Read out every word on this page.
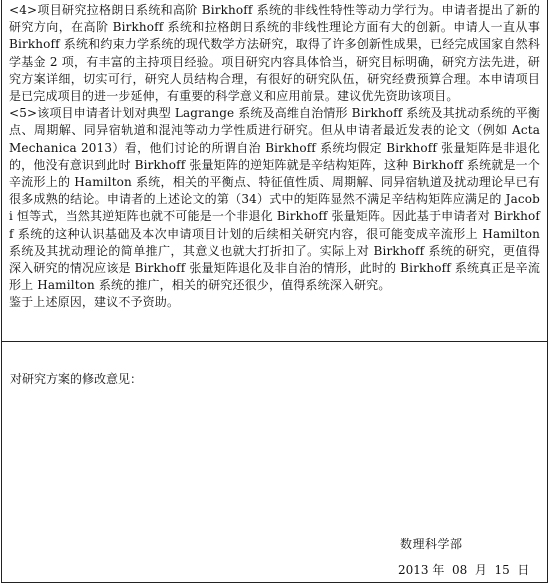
<4>项目研究拉格朗日系统和高阶 Birkhoff 系统的非线性特性等动力学行为。申请者提出了新的研究方向，在高阶 Birkhoff 系统和拉格朗日系统的非线性理论方面有大的创新。申请人一直从事 Birkhoff 系统和约束力学系统的现代数学方法研究，取得了许多创新性成果，已经完成国家自然科学基金 2 项，有丰富的主持项目经验。项目研究内容具体恰当，研究目标明确，研究方法先进，研究方案详细，切实可行，研究人员结构合理，有很好的研究队伍，研究经费预算合理。本申请项目是已完成项目的进一步延伸，有重要的科学意义和应用前景。建议优先资助该项目。

<5>该项目申请者计划对典型 Lagrange 系统及高维自治情形 Birkhoff 系统及其扰动系统的平衡点、周期解、同异宿轨道和混沌等动力学性质进行研究。但从申请者最近发表的论文（例如 Acta Mechanica 2013）看，他们讨论的所谓自治 Birkhoff 系统均假定 Birkhoff 张量矩阵是非退化的，他没有意识到此时 Birkhoff 张量矩阵的逆矩阵就是辛结构矩阵，这种 Birkhoff 系统就是一个辛流形上的 Hamilton 系统，相关的平衡点、特征值性质、周期解、同异宿轨道及扰动理论早已有很多成熟的结论。申请者的上述论文的第（34）式中的矩阵显然不满足辛结构矩阵应满足的 Jacobi 恒等式，当然其逆矩阵也就不可能是一个非退化 Birkhoff 张量矩阵。因此基于申请者对 Birkhoff 系统的这种认识基础及本次申请项目计划的后续相关研究内容，很可能变成辛流形上 Hamilton 系统及其扰动理论的简单推广，其意义也就大打折扣了。实际上对 Birkhoff 系统的研究，更值得深入研究的情况应该是 Birkhoff 张量矩阵退化及非自治的情形，此时的 Birkhoff 系统真正是辛流形上 Hamilton 系统的推广，相关的研究还很少，值得系统深入研究。

鉴于上述原因，建议不予资助。

对研究方案的修改意见：

数理科学部

2013 年  08  月  15  日
